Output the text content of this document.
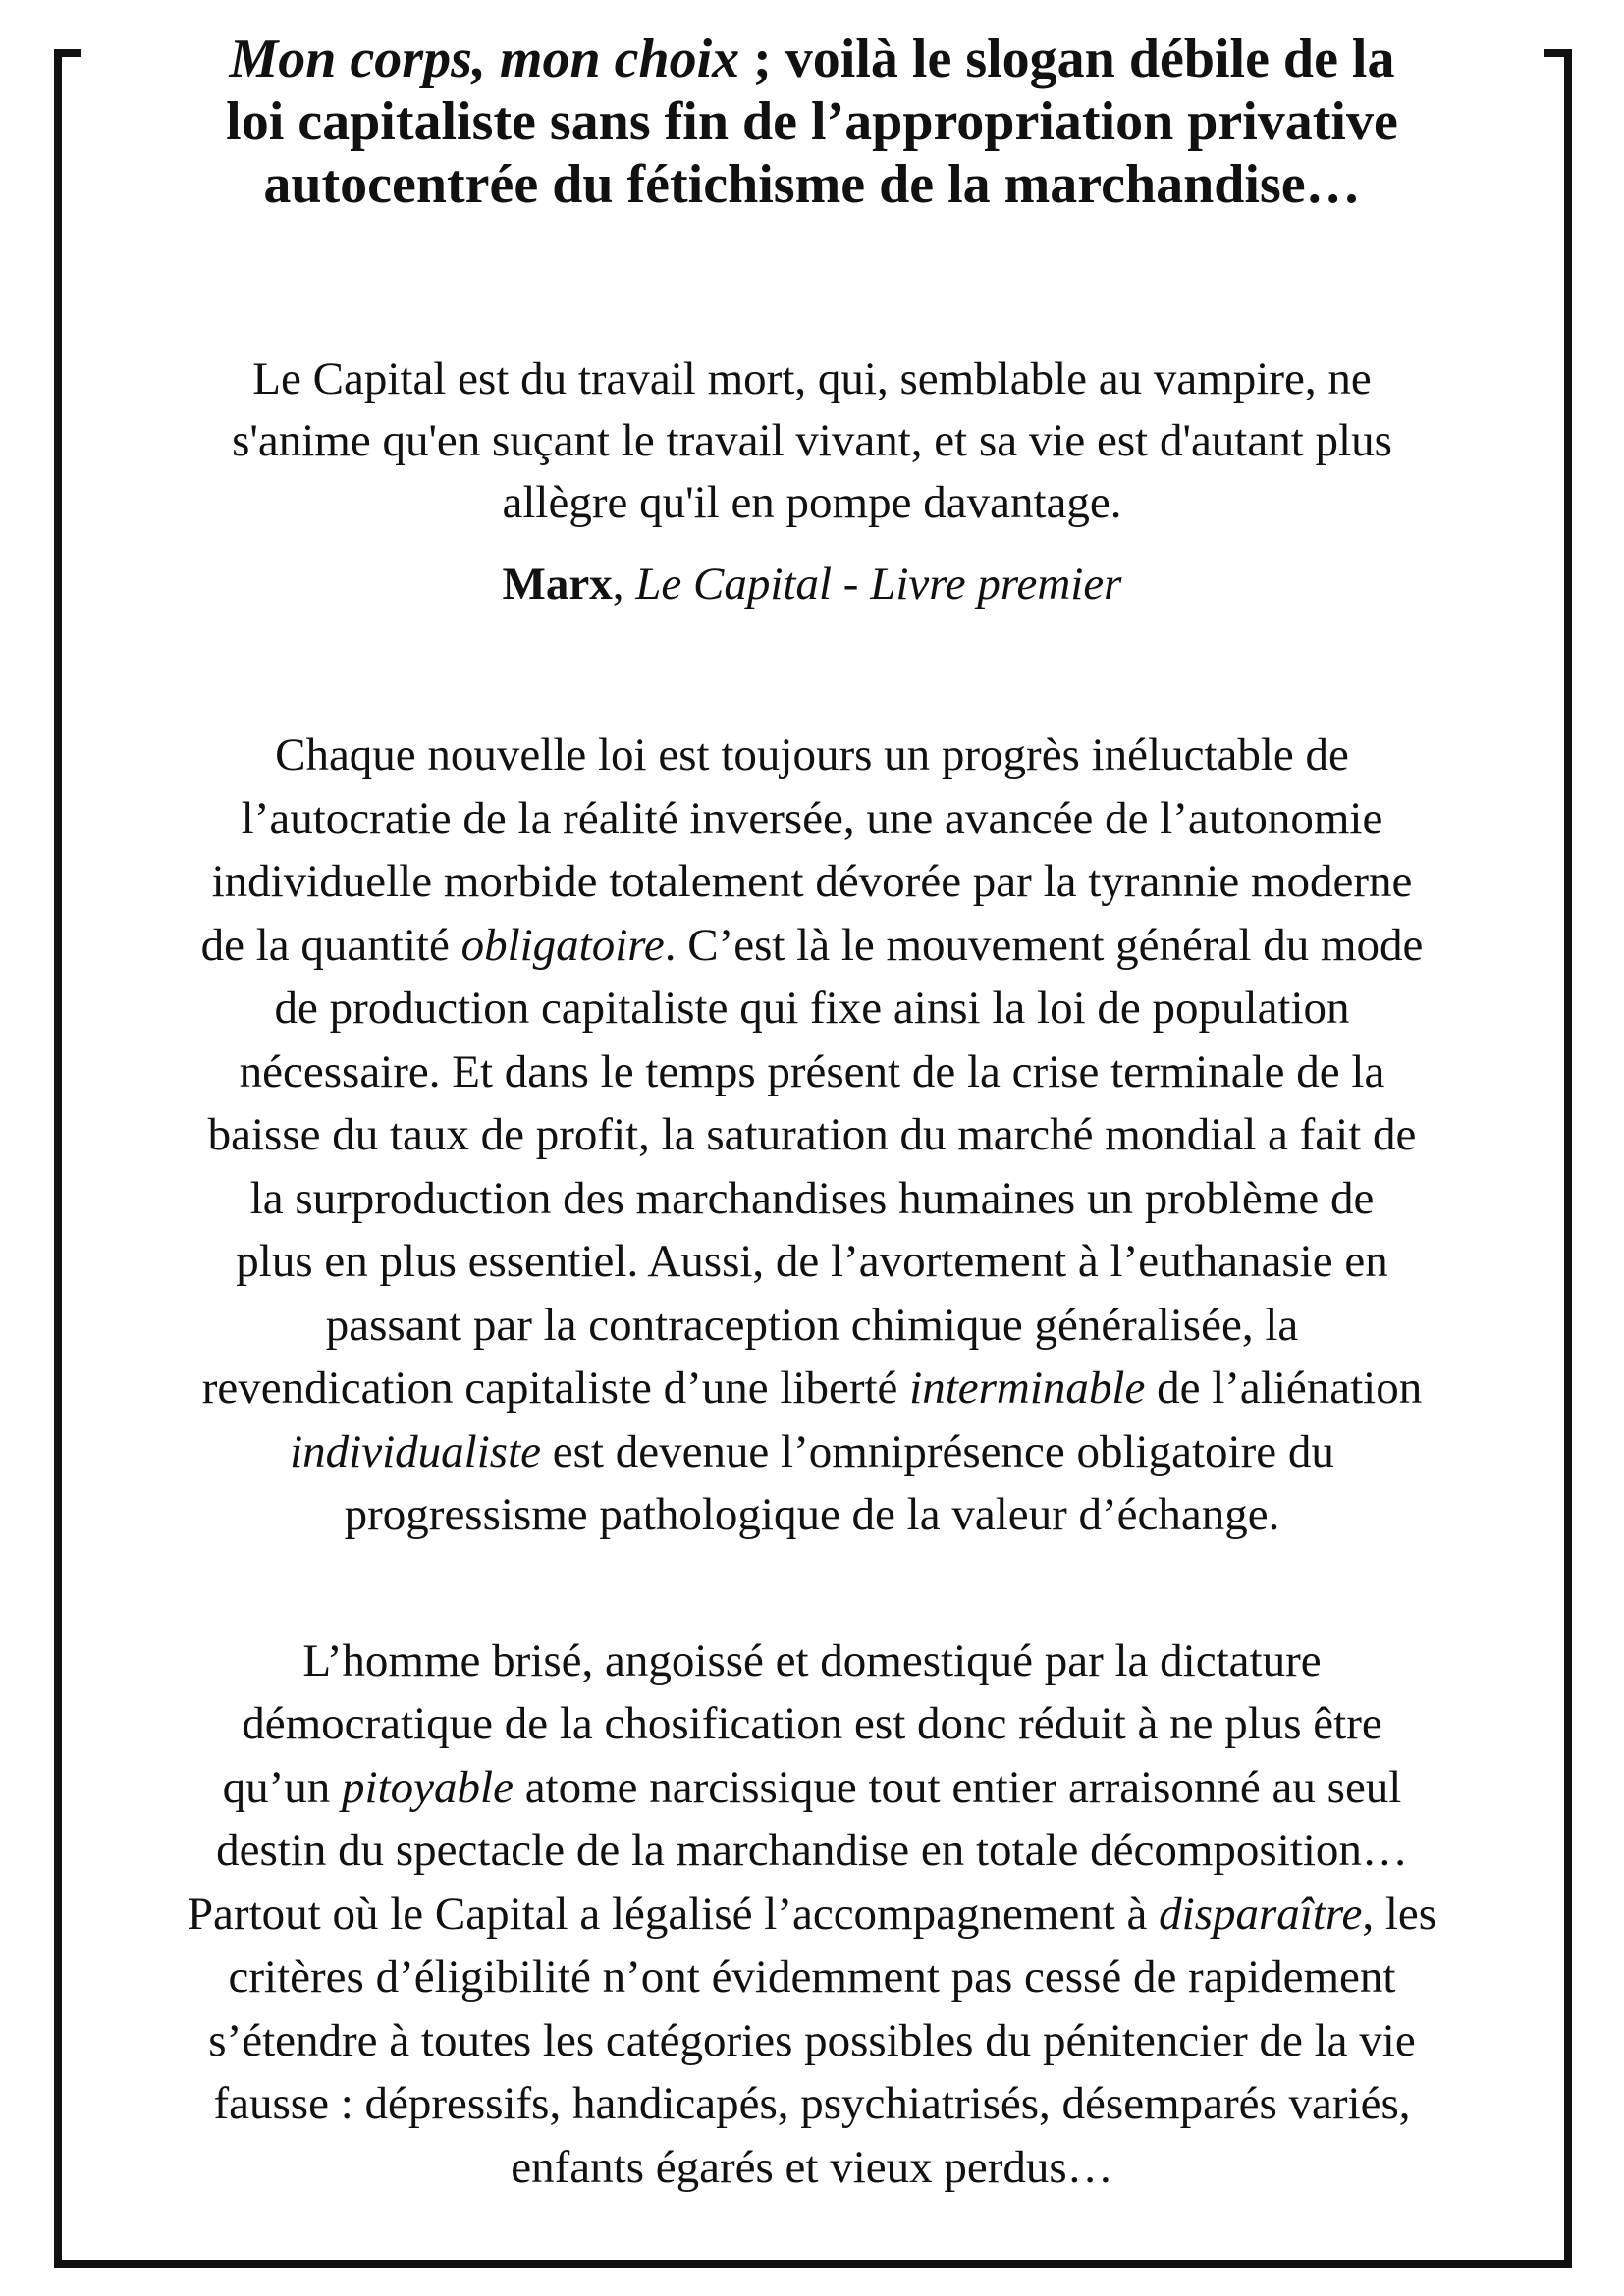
Mon corps, mon choix ; voilà le slogan débile de la
loi capitaliste sans fin de l’appropriation privative
autocentrée du fétichisme de la marchandise…

Le Capital est du travail mort, qui, semblable au vampire, ne
s'anime qu'en suçant le travail vivant, et sa vie est d'autant plus
allègre qu'il en pompe davantage.

Marx, Le Capital - Livre premier

Chaque nouvelle loi est toujours un progrès inéluctable de
l’autocratie de la réalité inversée, une avancée de l’autonomie
individuelle morbide totalement dévorée par la tyrannie moderne
de la quantité obligatoire. C’est là le mouvement général du mode
de production capitaliste qui fixe ainsi la loi de population
nécessaire. Et dans le temps présent de la crise terminale de la
baisse du taux de profit, la saturation du marché mondial a fait de
la surproduction des marchandises humaines un problème de
plus en plus essentiel. Aussi, de l’avortement à l’euthanasie en
passant par la contraception chimique généralisée, la
revendication capitaliste d’une liberté interminable de l’aliénation
individualiste est devenue l’omniprésence obligatoire du
progressisme pathologique de la valeur d’échange.

L’homme brisé, angoissé et domestiqué par la dictature
démocratique de la chosification est donc réduit à ne plus être
qu’un pitoyable atome narcissique tout entier arraisonné au seul
destin du spectacle de la marchandise en totale décomposition…
Partout où le Capital a légalisé l’accompagnement à disparaître, les
critères d’éligibilité n’ont évidemment pas cessé de rapidement
s’étendre à toutes les catégories possibles du pénitencier de la vie
fausse : dépressifs, handicapés, psychiatrisés, désemparés variés,
enfants égarés et vieux perdus…
